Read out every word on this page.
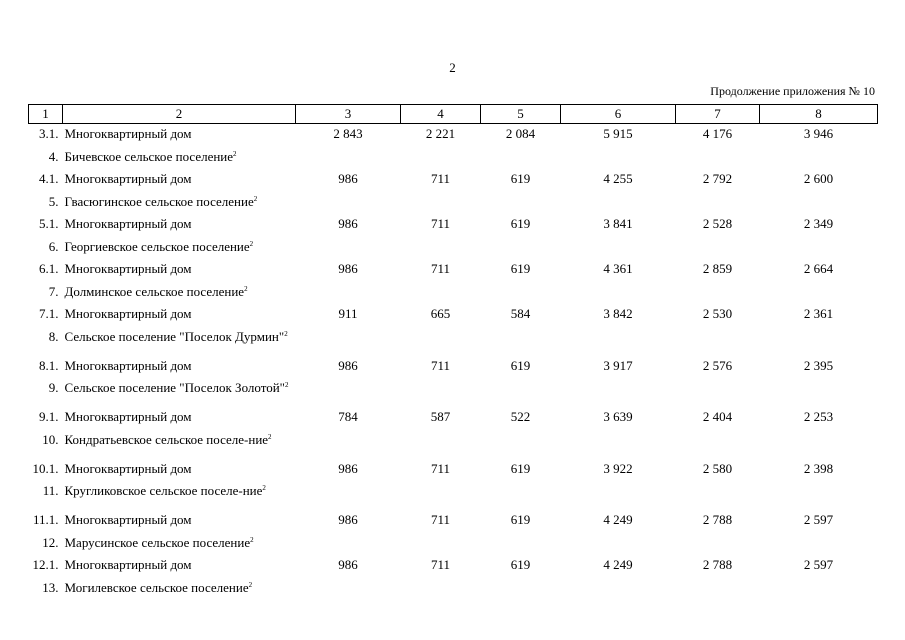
2
Продолжение приложения № 10
1	2	3	4	5	6	7	8
3.1.	Многоквартирный дом	2 843	2 221	2 084	5 915	4 176	3 946
4.	Бичевское сельское поселение$^2$						
4.1.	Многоквартирный дом	986	711	619	4 255	2 792	2 600
5.	Гвасюгинское сельское поселение$^2$						
5.1.	Многоквартирный дом	986	711	619	3 841	2 528	2 349
6.	Георгиевское сельское поселение$^2$						
6.1.	Многоквартирный дом	986	711	619	4 361	2 859	2 664
7.	Долминское сельское поселение$^2$						
7.1.	Многоквартирный дом	911	665	584	3 842	2 530	2 361
8.	Сельское поселение "Поселок Дурмин"$^2$						
8.1.	Многоквартирный дом	986	711	619	3 917	2 576	2 395
9.	Сельское поселение "Поселок Золотой"$^2$						
9.1.	Многоквартирный дом	784	587	522	3 639	2 404	2 253
10.	Кондратьевское сельское поселе-ние$^2$						
10.1.	Многоквартирный дом	986	711	619	3 922	2 580	2 398
11.	Кругликовское сельское поселе-ние$^2$						
11.1.	Многоквартирный дом	986	711	619	4 249	2 788	2 597
12.	Марусинское сельское поселение$^2$						
12.1.	Многоквартирный дом	986	711	619	4 249	2 788	2 597
13.	Могилевское сельское поселение$^2$						
